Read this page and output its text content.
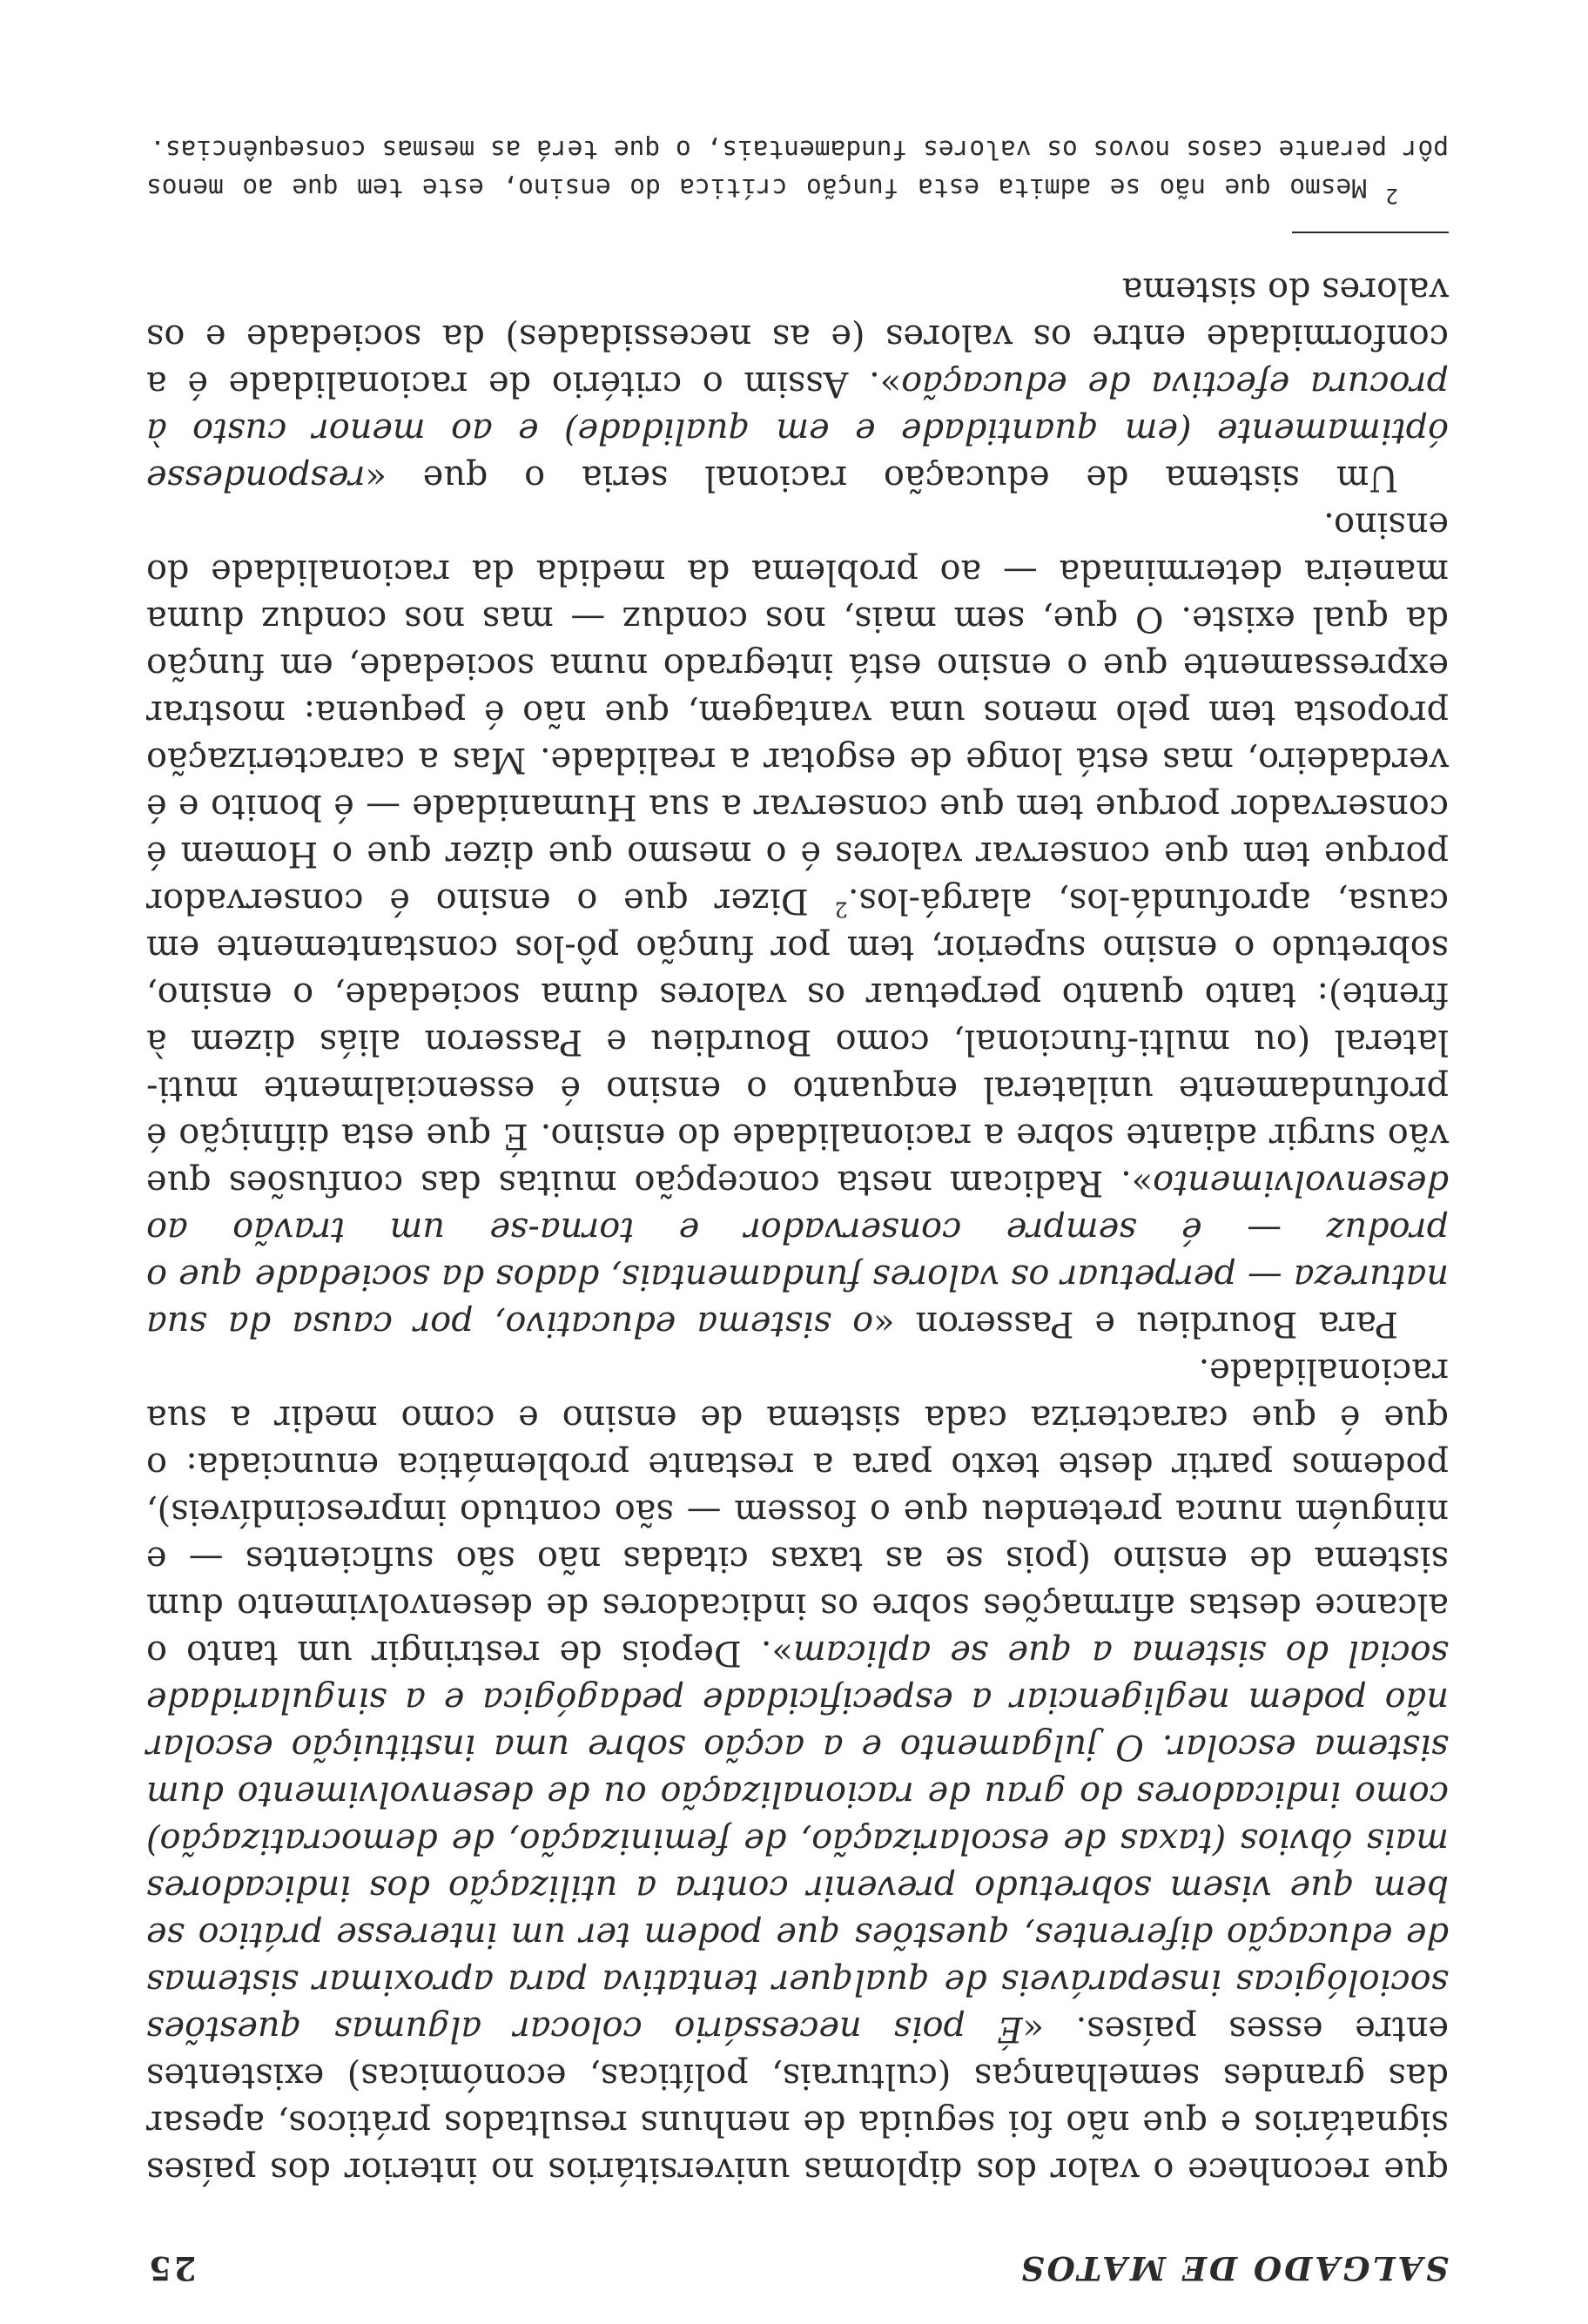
SALGADO DE MATOS
25

que reconhece o valor dos diplomas universitários no interior dos países signatários e que não foi seguida de nenhuns resultados práticos, apesar das grandes semelhanças (culturais, políticas, económicas) existentes entre esses países. «É pois necessário colocar algumas questões sociológicas inseparáveis de qualquer tentativa para aproximar sistemas de educação diferentes, questões que podem ter um interesse prático se bem que visem sobretudo prevenir contra a utilização dos indicadores mais óbvios (taxas de escolarização, de feminização, de democratização) como indicadores do grau de racionalização ou de desenvolvimento dum sistema escolar. O julgamento e a acção sobre uma instituição escolar não podem negligenciar a especificidade pedagógica e a singularidade social do sistema a que se aplicam». Depois de restringir um tanto o alcance destas afirmações sobre os indicadores de desenvolvimento dum sistema de ensino (pois se as taxas citadas não são suficientes — e ninguém nunca pretendeu que o fossem — são contudo imprescindíveis), podemos partir deste texto para a restante problemática enunciada: o que é que caracteriza cada sistema de ensino e como medir a sua racionalidade.

Para Bourdieu e Passeron «o sistema educativo, por causa da sua natureza — perpetuar os valores fundamentais, dados da sociedade que o produz — é sempre conservador e torna-se um travão ao desenvolvimento». Radicam nesta concepção muitas das confusões que vão surgir adiante sobre a racionalidade do ensino. É que esta difinição é profundamente unilateral enquanto o ensino é essencialmente muti-lateral (ou multi-funcional, como Bourdieu e Passeron aliás dizem à frente): tanto quanto perpetuar os valores duma sociedade, o ensino, sobretudo o ensino superior, tem por função pô-los constantemente em causa, aprofundá-los, alargá-los.$^2$ Dizer que o ensino é conservador porque tem que conservar valores é o mesmo que dizer que o Homem é conservador porque tem que conservar a sua Humanidade — é bonito e é verdadeiro, mas está longe de esgotar a realidade. Mas a caracterização proposta tem pelo menos uma vantagem, que não é pequena: mostrar expressamente que o ensino está integrado numa sociedade, em função da qual existe. O que, sem mais, nos conduz — mas nos conduz duma maneira determinada — ao problema da medida da racionalidade do ensino.

Um sistema de educação racional seria o que «respondesse óptimamente (em quantidade e em qualidade) e ao menor custo à procura efectiva de educação». Assim o critério de racionalidade é a conformidade entre os valores (e as necessidades) da sociedade e os valores do sistema

$^2$ Mesmo que não se admita esta função crítica do ensino, este tem que ao menos pôr perante casos novos os valores fundamentais, o que terá as mesmas consequências.
